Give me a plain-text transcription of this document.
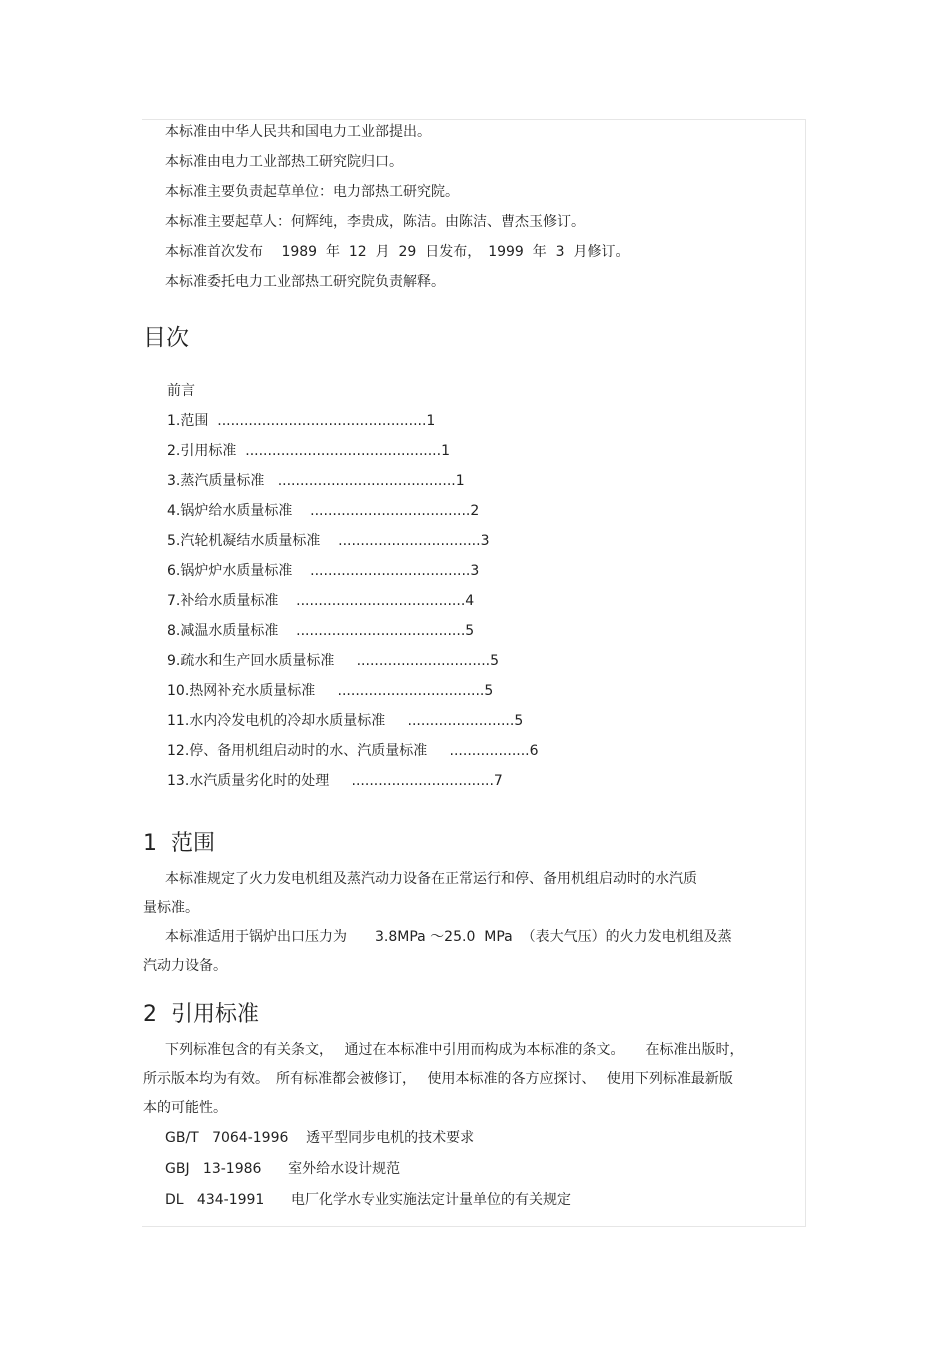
本标准由中华人民共和国电力工业部提出。

本标准由电力工业部热工研究院归口。

本标准主要负责起草单位：电力部热工研究院。

本标准主要起草人：何辉纯，李贵成，陈洁。由陈洁、曹杰玉修订。

本标准首次发布　 1989  年  12  月  29  日发布，　1999  年  3  月修订。

本标准委托电力工业部热工研究院负责解释。

目次
前言
1.范围  ...............................................1
2.引用标准  ............................................1
3.蒸汽质量标准   ........................................1
4.锅炉给水质量标准    ....................................2
5.汽轮机凝结水质量标准    ................................3
6.锅炉炉水质量标准    ....................................3
7.补给水质量标准    ......................................4
8.减温水质量标准    ......................................5
9.疏水和生产回水质量标准     ..............................5
10.热网补充水质量标准     .................................5
11.水内冷发电机的冷却水质量标准     ........................5
12.停、备用机组启动时的水、汽质量标准     ..................6
13.水汽质量劣化时的处理     ................................7
1  范围

本标准规定了火力发电机组及蒸汽动力设备在正常运行和停、备用机组启动时的水汽质

量标准。

本标准适用于锅炉出口压力为　　3.8MPa ～25.0  MPa  （表大气压）的火力发电机组及蒸

汽动力设备。

2  引用标准

下列标准包含的有关条文，　 通过在本标准中引用而构成为本标准的条文。　　在标准出版时，

所示版本均为有效。　所有标准都会被修订，　 使用本标准的各方应探讨、　 使用下列标准最新版

本的可能性。

GB/T   7064-1996    透平型同步电机的技术要求

GBJ   13-1986      室外给水设计规范

DL   434-1991      电厂化学水专业实施法定计量单位的有关规定
